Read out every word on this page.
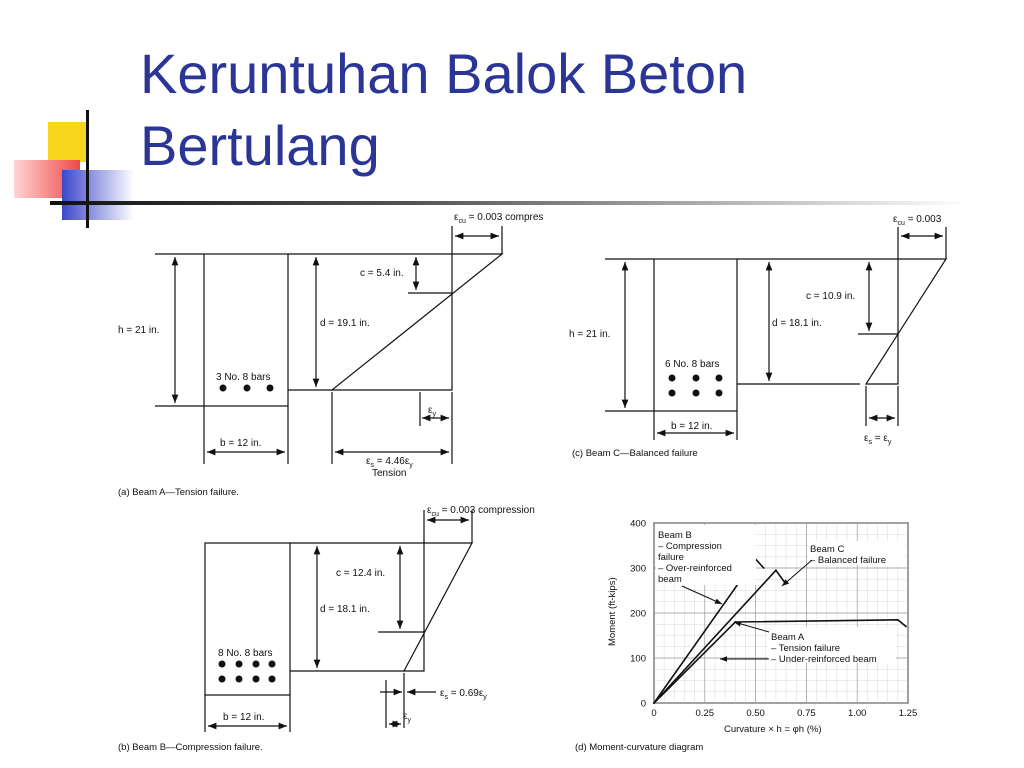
Keruntuhan Balok Beton
Bertulang
$\varepsilon_{cu} = 0.003$ compres
h = 21 in.
c = 5.4 in.
d = 19.1 in.
3 No. 8 bars
b = 12 in.
$\varepsilon_y$
$\varepsilon_s = 4.46\varepsilon_y$
Tension
(a) Beam A—Tension failure.
$\varepsilon_{cu} = 0.003$
h = 21 in.
c = 10.9 in.
d = 18.1 in.
6 No. 8 bars
b = 12 in.
$\varepsilon_s = \varepsilon_y$
(c) Beam C—Balanced failure
$\varepsilon_{cu} = 0.003$ compression
c = 12.4 in.
d = 18.1 in.
8 No. 8 bars
b = 12 in.	$\varepsilon_y$
$\varepsilon_s = 0.69\varepsilon_y$
(b) Beam B—Compression failure.
0	0.25	0.50	0.75	1.00	1.25
0
100
200
300
400
Moment (ft-kips)
Curvature × h = φh (%)
(d) Moment-curvature diagram
Beam B
– Compression
failure
– Over-reinforced
beam
Beam C
– Balanced failure
Beam A
– Tension failure
– Under-reinforced beam
